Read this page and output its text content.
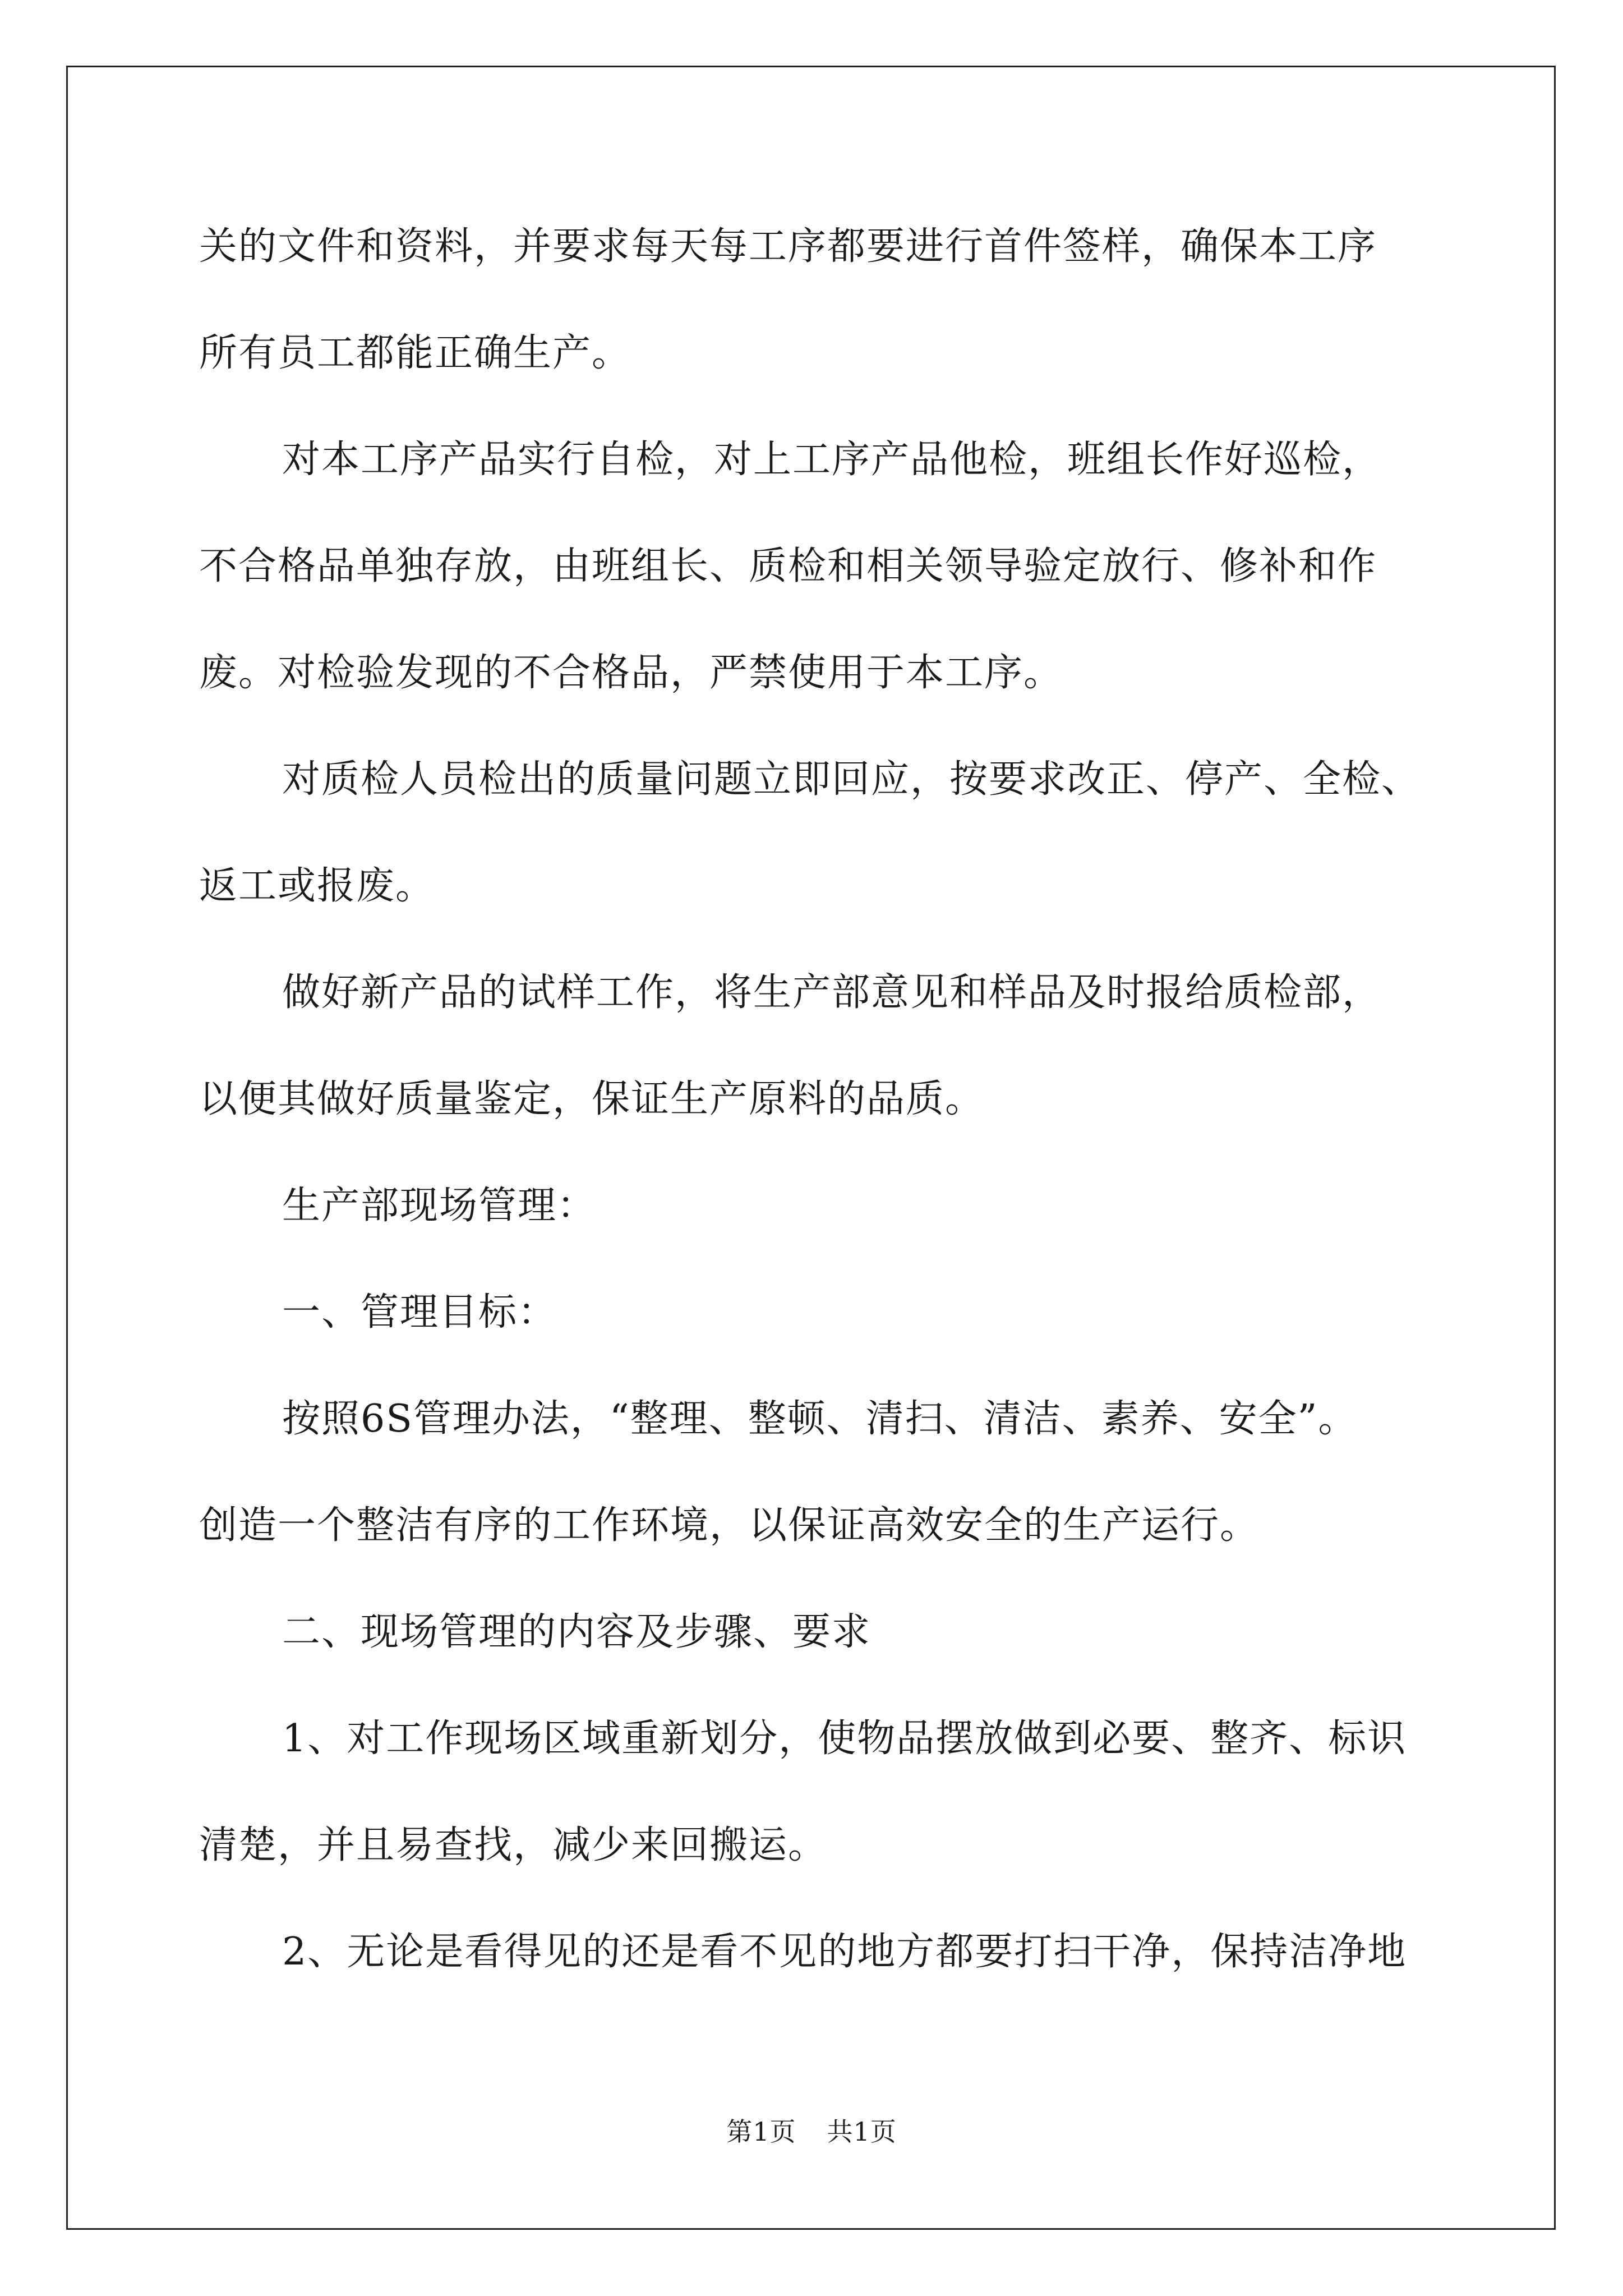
关的文件和资料，并要求每天每工序都要进行首件签样，确保本工序
所有员工都能正确生产。
对本工序产品实行自检，对上工序产品他检，班组长作好巡检，
不合格品单独存放，由班组长、质检和相关领导验定放行、修补和作
废。对检验发现的不合格品，严禁使用于本工序。
对质检人员检出的质量问题立即回应，按要求改正、停产、全检、
返工或报废。
做好新产品的试样工作，将生产部意见和样品及时报给质检部，
以便其做好质量鉴定，保证生产原料的品质。
生产部现场管理：
一、管理目标：
按照6S管理办法，“整理、整顿、清扫、清洁、素养、安全”。
创造一个整洁有序的工作环境，以保证高效安全的生产运行。
二、现场管理的内容及步骤、要求
1、对工作现场区域重新划分，使物品摆放做到必要、整齐、标识
清楚，并且易查找，减少来回搬运。
2、无论是看得见的还是看不见的地方都要打扫干净，保持洁净地
第1页 共1页
